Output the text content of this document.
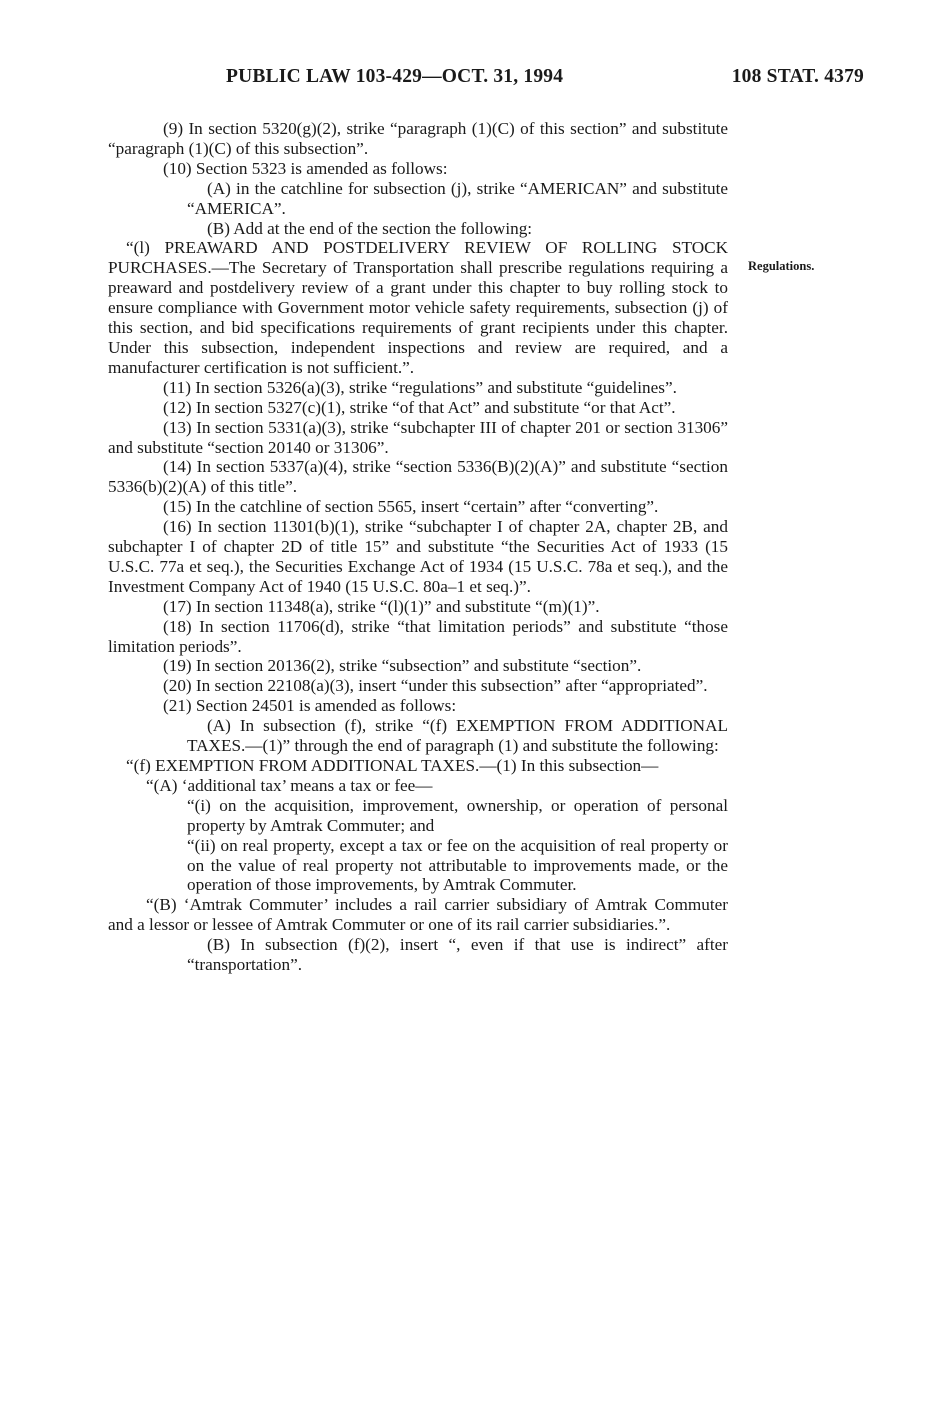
PUBLIC LAW 103-429—OCT. 31, 1994	108 STAT. 4379
Regulations.

(9) In section 5320(g)(2), strike “paragraph (1)(C) of this section” and substitute “paragraph (1)(C) of this subsection”.

(10) Section 5323 is amended as follows:

(A) in the catchline for subsection (j), strike “AMERICAN” and substitute “AMERICA”.

(B) Add at the end of the section the following:

“(l) PREAWARD AND POSTDELIVERY REVIEW OF ROLLING STOCK PURCHASES.—The Secretary of Transportation shall prescribe regulations requiring a preaward and postdelivery review of a grant under this chapter to buy rolling stock to ensure compliance with Government motor vehicle safety requirements, subsection (j) of this section, and bid specifications requirements of grant recipients under this chapter. Under this subsection, independent inspections and review are required, and a manufacturer certification is not sufficient.”.

(11) In section 5326(a)(3), strike “regulations” and substitute “guidelines”.

(12) In section 5327(c)(1), strike “of that Act” and substitute “or that Act”.

(13) In section 5331(a)(3), strike “subchapter III of chapter 201 or section 31306” and substitute “section 20140 or 31306”.

(14) In section 5337(a)(4), strike “section 5336(B)(2)(A)” and substitute “section 5336(b)(2)(A) of this title”.

(15) In the catchline of section 5565, insert “certain” after “converting”.

(16) In section 11301(b)(1), strike “subchapter I of chapter 2A, chapter 2B, and subchapter I of chapter 2D of title 15” and substitute “the Securities Act of 1933 (15 U.S.C. 77a et seq.), the Securities Exchange Act of 1934 (15 U.S.C. 78a et seq.), and the Investment Company Act of 1940 (15 U.S.C. 80a–1 et seq.)”.

(17) In section 11348(a), strike “(l)(1)” and substitute “(m)(1)”.

(18) In section 11706(d), strike “that limitation periods” and substitute “those limitation periods”.

(19) In section 20136(2), strike “subsection” and substitute “section”.

(20) In section 22108(a)(3), insert “under this subsection” after “appropriated”.

(21) Section 24501 is amended as follows:

(A) In subsection (f), strike “(f) EXEMPTION FROM ADDITIONAL TAXES.—(1)” through the end of paragraph (1) and substitute the following:

“(f) EXEMPTION FROM ADDITIONAL TAXES.—(1) In this subsection—

“(A) ‘additional tax’ means a tax or fee—

“(i) on the acquisition, improvement, ownership, or operation of personal property by Amtrak Commuter; and

“(ii) on real property, except a tax or fee on the acquisition of real property or on the value of real property not attributable to improvements made, or the operation of those improvements, by Amtrak Commuter.

“(B) ‘Amtrak Commuter’ includes a rail carrier subsidiary of Amtrak Commuter and a lessor or lessee of Amtrak Commuter or one of its rail carrier subsidiaries.”.

(B) In subsection (f)(2), insert “, even if that use is indirect” after “transportation”.
